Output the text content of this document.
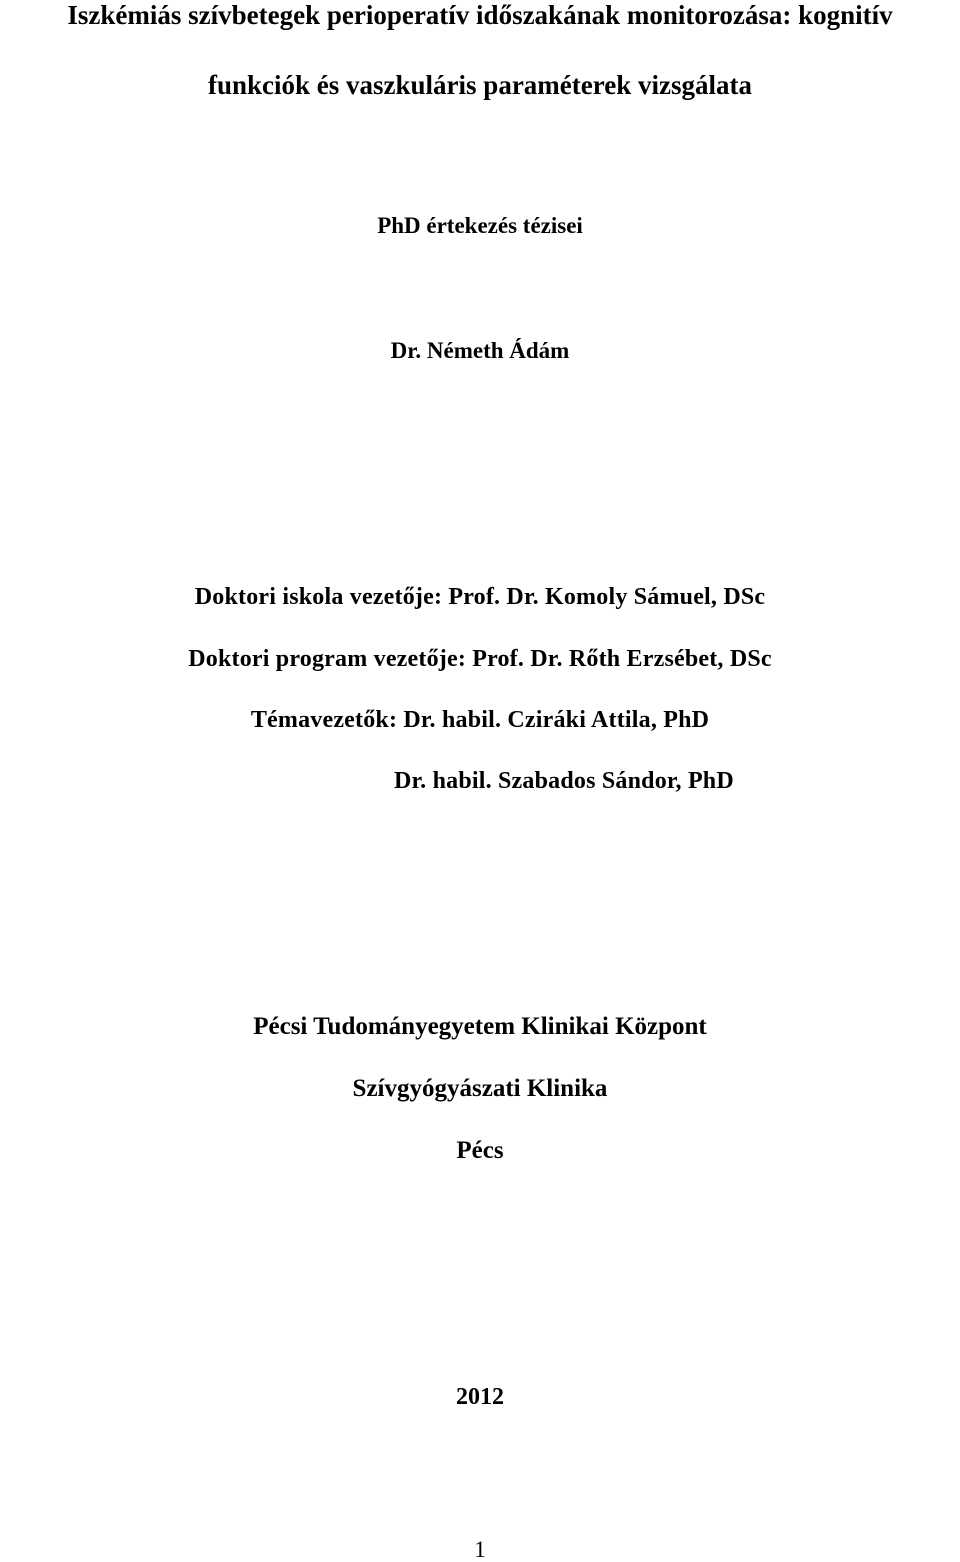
Iszkémiás szívbetegek perioperatív időszakának monitorozása: kognitív
funkciók és vaszkuláris paraméterek vizsgálata
PhD értekezés tézisei
Dr. Németh Ádám
Doktori iskola vezetője: Prof. Dr. Komoly Sámuel, DSc
Doktori program vezetője: Prof. Dr. Rőth Erzsébet, DSc
Témavezetők: Dr. habil. Cziráki Attila, PhD
Dr. habil. Szabados Sándor, PhD
Pécsi Tudományegyetem Klinikai Központ
Szívgyógyászati Klinika
Pécs
2012
1
